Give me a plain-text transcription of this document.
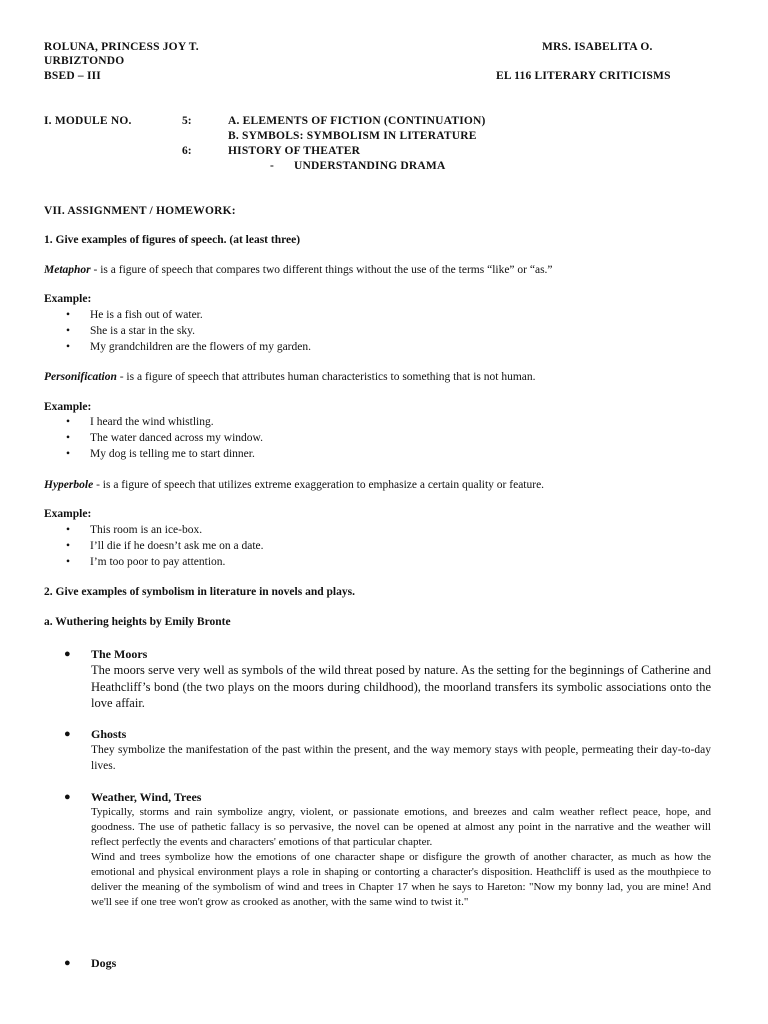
ROLUNA, PRINCESS JOY T.
URBIZTONDO
BSED – III
MRS. ISABELITA O.
EL 116 LITERARY CRITICISMS
I. MODULE NO.	5:	A. ELEMENTS OF FICTION (CONTINUATION)
B. SYMBOLS: SYMBOLISM IN LITERATURE
6:	HISTORY OF THEATER
- UNDERSTANDING DRAMA
VII. ASSIGNMENT / HOMEWORK:
1. Give examples of figures of speech. (at least three)
Metaphor - is a figure of speech that compares two different things without the use of the terms “like” or “as.”
Example:
• He is a fish out of water.
• She is a star in the sky.
• My grandchildren are the flowers of my garden.
Personification - is a figure of speech that attributes human characteristics to something that is not human.
Example:
• I heard the wind whistling.
• The water danced across my window.
• My dog is telling me to start dinner.
Hyperbole - is a figure of speech that utilizes extreme exaggeration to emphasize a certain quality or feature.
Example:
• This room is an ice-box.
• I’ll die if he doesn’t ask me on a date.
• I’m too poor to pay attention.
2. Give examples of symbolism in literature in novels and plays.
a. Wuthering heights by Emily Bronte
● The Moors
The moors serve very well as symbols of the wild threat posed by nature. As the setting for the beginnings of Catherine and Heathcliff’s bond (the two plays on the moors during childhood), the moorland transfers its symbolic associations onto the love affair.
● Ghosts
They symbolize the manifestation of the past within the present, and the way memory stays with people, permeating their day-to-day lives.
● Weather, Wind, Trees
Typically, storms and rain symbolize angry, violent, or passionate emotions, and breezes and calm weather reflect peace, hope, and goodness. The use of pathetic fallacy is so pervasive, the novel can be opened at almost any point in the narrative and the weather will reflect perfectly the events and characters' emotions of that particular chapter.
Wind and trees symbolize how the emotions of one character shape or disfigure the growth of another character, as much as how the emotional and physical environment plays a role in shaping or contorting a character's disposition. Heathcliff is used as the mouthpiece to deliver the meaning of the symbolism of wind and trees in Chapter 17 when he says to Hareton: "Now my bonny lad, you are mine! And we'll see if one tree won't grow as crooked as another, with the same wind to twist it."
● Dogs
